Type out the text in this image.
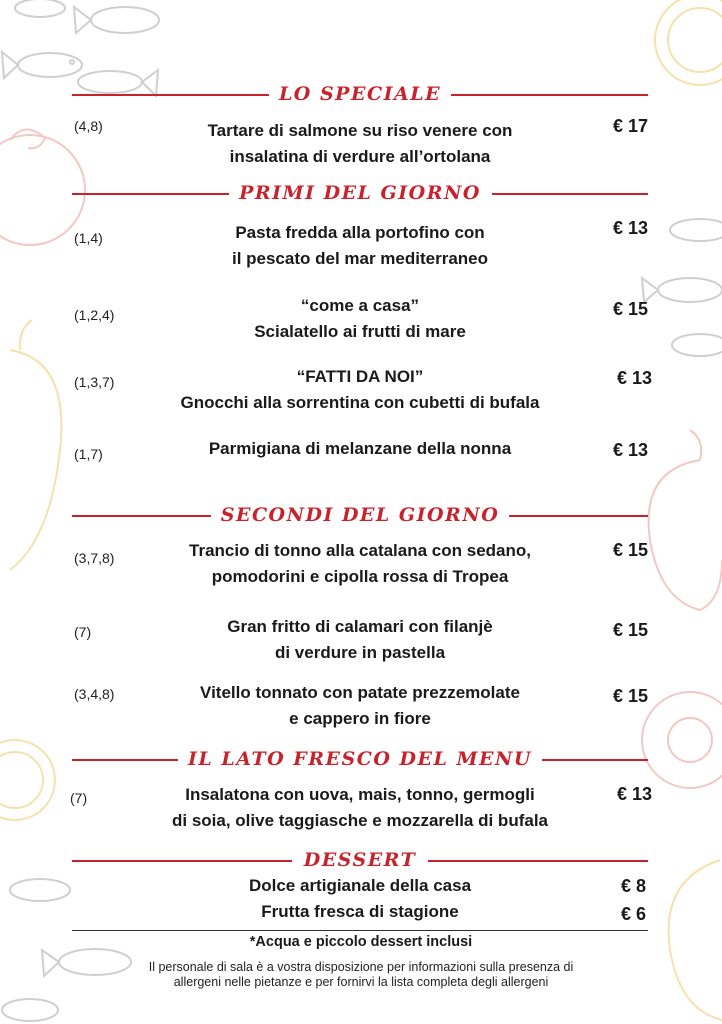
LO SPECIALE
(4,8)	Tartare di salmone su riso venere con
insalatina di verdure all’ortolana
€ 17
PRIMI DEL GIORNO
(1,4)	Pasta fredda alla portofino con
il pescato del mar mediterraneo
€ 13
(1,2,4)	“come a casa”
Scialatello ai frutti di mare
€ 15
(1,3,7)	“FATTI DA NOI”
Gnocchi alla sorrentina con cubetti di bufala
€ 13
(1,7)	Parmigiana di melanzane della nonna	€ 13
SECONDI DEL GIORNO
(3,7,8)	Trancio di tonno alla catalana con sedano,
pomodorini e cipolla rossa di Tropea
€ 15
(7)	Gran fritto di calamari con filanjè
di verdure in pastella
€ 15
(3,4,8)	Vitello tonnato con patate prezzemolate
e cappero in fiore
€ 15
IL LATO FRESCO DEL MENU
(7)	Insalatona con uova, mais, tonno, germogli
di soia, olive taggiasche e mozzarella di bufala
€ 13
DESSERT
Dolce artigianale della casa	€ 8
Frutta fresca di stagione	€ 6
*Acqua e piccolo dessert inclusi
Il personale di sala è a vostra disposizione per informazioni sulla presenza di
allergeni nelle pietanze e per fornirvi la lista completa degli allergeni
